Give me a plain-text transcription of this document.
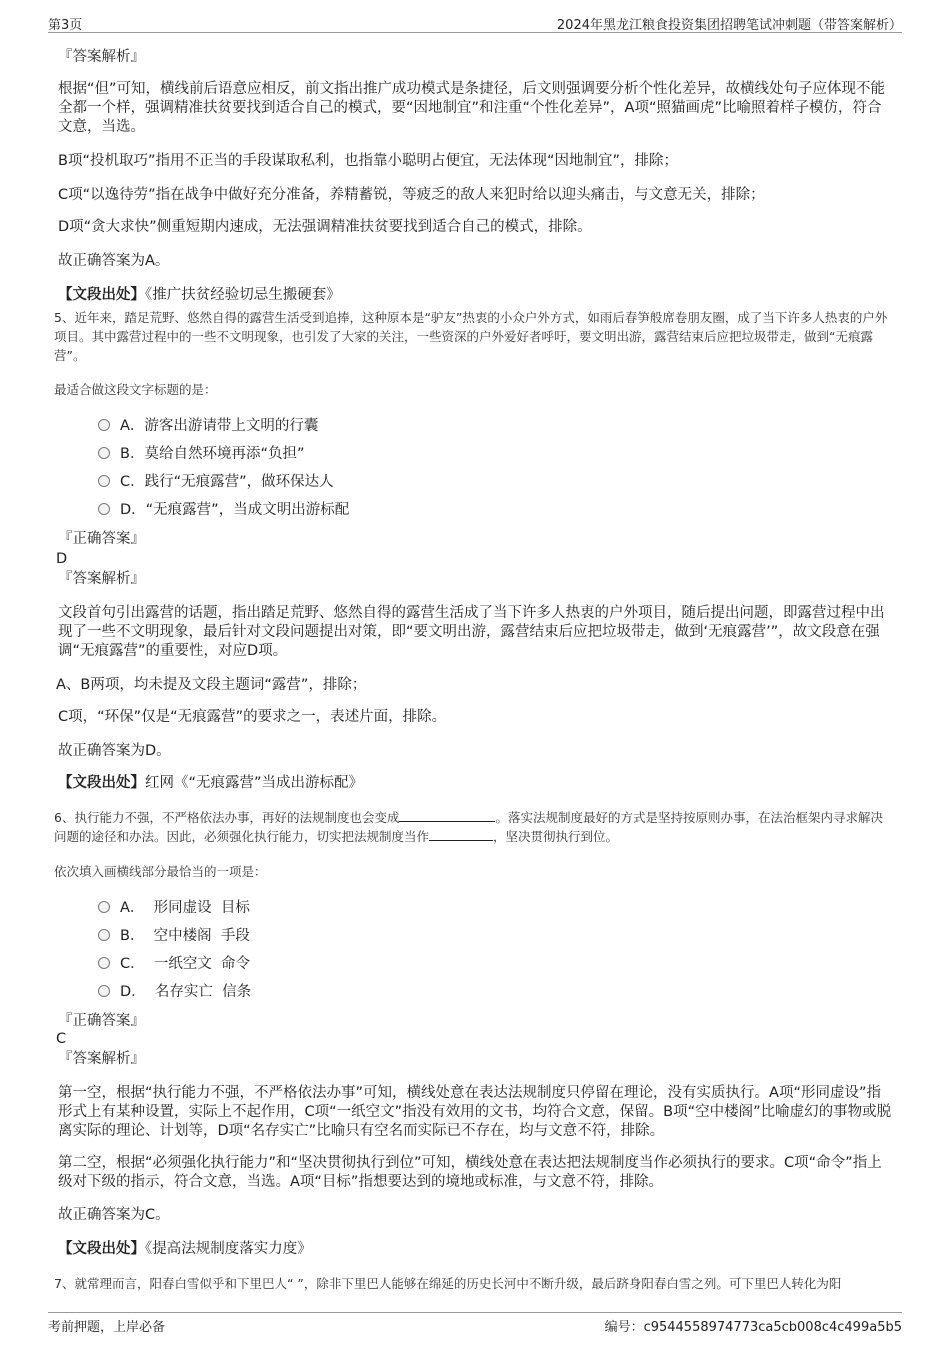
第3页	2024年黑龙江粮食投资集团招聘笔试冲刺题（带答案解析）
『答案解析』
根据“但”可知，横线前后语意应相反，前文指出推广成功模式是条捷径，后文则强调要分析个性化差异，故横线处句子应体现不能全都一个样，强调精准扶贫要找到适合自己的模式，要“因地制宜”和注重“个性化差异”，A项“照猫画虎”比喻照着样子模仿，符合文意，当选。
B项“投机取巧”指用不正当的手段谋取私利，也指靠小聪明占便宜，无法体现“因地制宜”，排除；
C项“以逸待劳”指在战争中做好充分准备，养精蓄锐，等疲乏的敌人来犯时给以迎头痛击，与文意无关，排除；
D项“贪大求快”侧重短期内速成，无法强调精准扶贫要找到适合自己的模式，排除。
故正确答案为A。
【文段出处】《推广扶贫经验切忌生搬硬套》
5、近年来，踏足荒野、悠然自得的露营生活受到追捧，这种原本是“驴友”热衷的小众户外方式，如雨后春笋般席卷朋友圈，成了当下许多人热衷的户外项目。其中露营过程中的一些不文明现象，也引发了大家的关注，一些资深的户外爱好者呼吁，要文明出游，露营结束后应把垃圾带走，做到“无痕露营”。
最适合做这段文字标题的是：
A．游客出游请带上文明的行囊
B．莫给自然环境再添“负担”
C．践行“无痕露营”，做环保达人
D．“无痕露营”，当成文明出游标配
『正确答案』
D
『答案解析』
文段首句引出露营的话题，指出踏足荒野、悠然自得的露营生活成了当下许多人热衷的户外项目，随后提出问题，即露营过程中出现了一些不文明现象，最后针对文段问题提出对策，即“要文明出游，露营结束后应把垃圾带走，做到‘无痕露营’”，故文段意在强调“无痕露营”的重要性，对应D项。
A、B两项，均未提及文段主题词“露营”，排除；
C项，“环保”仅是“无痕露营”的要求之一，表述片面，排除。
故正确答案为D。
【文段出处】红网《“无痕露营”当成出游标配》
6、执行能力不强，不严格依法办事，再好的法规制度也会变成	。落实法规制度最好的方式是坚持按原则办事，在法治框架内寻求解决问题的途径和办法。因此，必须强化执行能力，切实把法规制度当作	，坚决贯彻执行到位。
依次填入画横线部分最恰当的一项是：
A．  形同虚设  目标
B．  空中楼阁  手段
C．  一纸空文  命令
D．  名存实亡  信条
『正确答案』
C
『答案解析』
第一空，根据“执行能力不强，不严格依法办事”可知，横线处意在表达法规制度只停留在理论，没有实质执行。A项“形同虚设”指形式上有某种设置，实际上不起作用，C项“一纸空文”指没有效用的文书，均符合文意，保留。B项“空中楼阁”比喻虚幻的事物或脱离实际的理论、计划等，D项“名存实亡”比喻只有空名而实际已不存在，均与文意不符，排除。
第二空，根据“必须强化执行能力”和“坚决贯彻执行到位”可知，横线处意在表达把法规制度当作必须执行的要求。C项“命令”指上级对下级的指示，符合文意，当选。A项“目标”指想要达到的境地或标准，与文意不符，排除。
故正确答案为C。
【文段出处】《提高法规制度落实力度》
7、就常理而言，阳春白雪似乎和下里巴人“ ”，除非下里巴人能够在绵延的历史长河中不断升级，最后跻身阳春白雪之列。可下里巴人转化为阳
考前押题，上岸必备	编号：c9544558974773ca5cb008c4c499a5b5
